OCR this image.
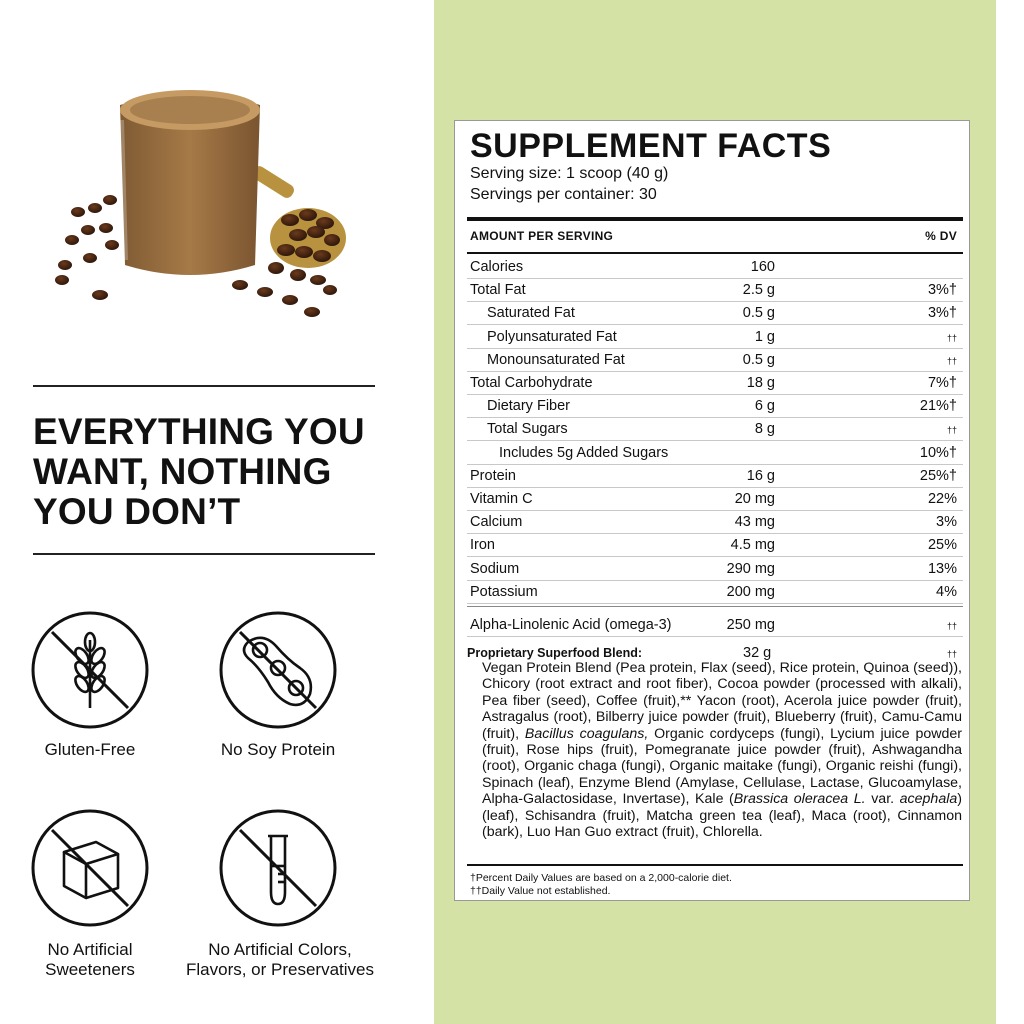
EVERYTHING YOU
WANT, NOTHING
YOU DON’T
Gluten-Free	No Soy Protein
No Artificial
Sweeteners
No Artificial Colors,
Flavors, or Preservatives
SUPPLEMENT FACTS
Serving size: 1 scoop (40 g)
Servings per container: 30
AMOUNT PER SERVING	% DV
Calories	160
Total Fat	2.5 g	3%†
Saturated Fat	0.5 g	3%†
Polyunsaturated Fat	1 g	††
Monounsaturated Fat	0.5 g	††
Total Carbohydrate	18 g	7%†
Dietary Fiber	6 g	21%†
Total Sugars	8 g	††
Includes 5g Added Sugars	10%†
Protein	16 g	25%†
Vitamin C	20 mg	22%
Calcium	43 mg	3%
Iron	4.5 mg	25%
Sodium	290 mg	13%
Potassium	200 mg	4%
Alpha-Linolenic Acid (omega-3)	250 mg	††
Proprietary Superfood Blend:	32 g	††

Vegan Protein Blend (Pea protein, Flax (seed), Rice protein, Quinoa (seed)), Chicory (root extract and root fiber), Cocoa powder (processed with alkali), Pea fiber (seed), Coffee (fruit),** Yacon (root), Acerola juice powder (fruit), Astragalus (root), Bilberry juice powder (fruit), Blueberry (fruit), Camu-Camu (fruit), Bacillus coagulans, Organic cordyceps (fungi), Lycium juice powder (fruit), Rose hips (fruit), Pomegranate juice powder (fruit), Ashwagandha (root), Organic chaga (fungi), Organic maitake (fungi), Organic reishi (fungi), Spinach (leaf), Enzyme Blend (Amylase, Cellulase, Lactase, Glucoamylase, Alpha-Galactosidase, Invertase), Kale (Brassica oleracea L. var. acephala) (leaf), Schisandra (fruit), Matcha green tea (leaf), Maca (root), Cinnamon (bark), Luo Han Guo extract (fruit), Chlorella.

†Percent Daily Values are based on a 2,000-calorie diet.
††Daily Value not established.
